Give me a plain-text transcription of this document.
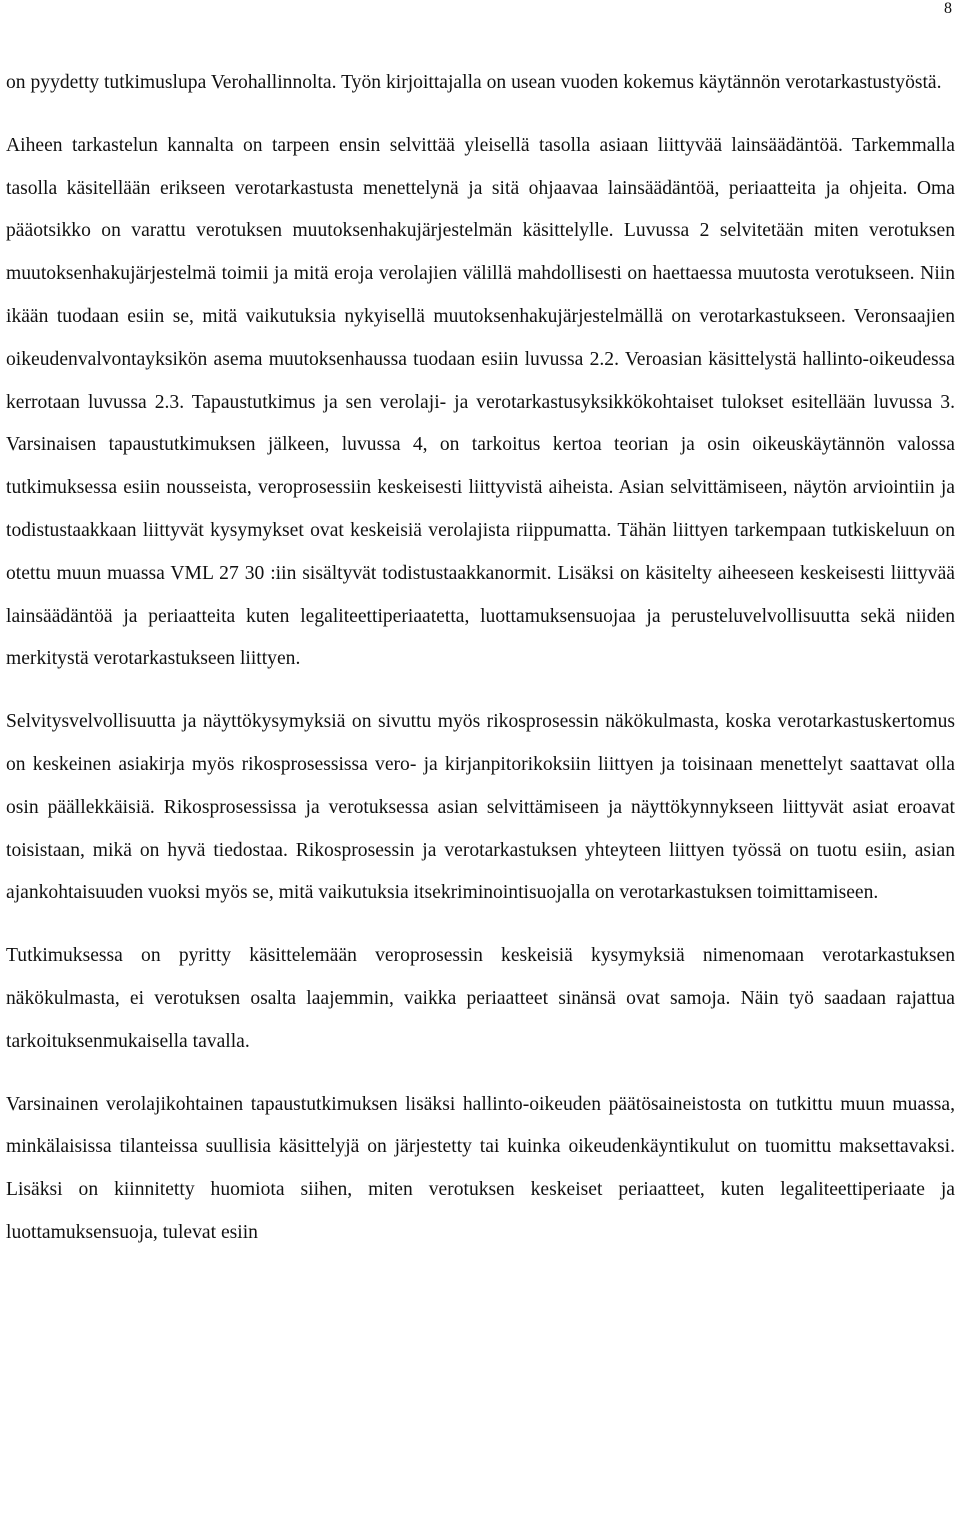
8

on pyydetty tutkimuslupa Verohallinnolta. Työn kirjoittajalla on usean vuoden kokemus käytännön verotarkastustyöstä.

Aiheen tarkastelun kannalta on tarpeen ensin selvittää yleisellä tasolla asiaan liittyvää lainsäädäntöä. Tarkemmalla tasolla käsitellään erikseen verotarkastusta menettelynä ja sitä ohjaavaa lainsäädäntöä, periaatteita ja ohjeita. Oma pääotsikko on varattu verotuksen muutoksenhakujärjestelmän käsittelylle. Luvussa 2 selvitetään miten verotuksen muutoksenhakujärjestelmä toimii ja mitä eroja verolajien välillä mahdollisesti on haettaessa muutosta verotukseen. Niin ikään tuodaan esiin se, mitä vaikutuksia nykyisellä muutoksenhakujärjestelmällä on verotarkastukseen. Veronsaajien oikeudenvalvontayksikön asema muutoksenhaussa tuodaan esiin luvussa 2.2. Veroasian käsittelystä hallinto-oikeudessa kerrotaan luvussa 2.3. Tapaustutkimus ja sen verolaji- ja verotarkastusyksikkökohtaiset tulokset esitellään luvussa 3. Varsinaisen tapaustutkimuksen jälkeen, luvussa 4, on tarkoitus kertoa teorian ja osin oikeuskäytännön valossa tutkimuksessa esiin nousseista, veroprosessiin keskeisesti liittyvistä aiheista. Asian selvittämiseen, näytön arviointiin ja todistustaakkaan liittyvät kysymykset ovat keskeisiä verolajista riippumatta. Tähän liittyen tarkempaan tutkiskeluun on otettu muun muassa VML 27 30 :iin sisältyvät todistustaakkanormit. Lisäksi on käsitelty aiheeseen keskeisesti liittyvää lainsäädäntöä ja periaatteita kuten legaliteettiperiaatetta, luottamuksensuojaa ja perusteluvelvollisuutta sekä niiden merkitystä verotarkastukseen liittyen.

Selvitysvelvollisuutta ja näyttökysymyksiä on sivuttu myös rikosprosessin näkökulmasta, koska verotarkastuskertomus on keskeinen asiakirja myös rikosprosessissa vero- ja kirjanpitorikoksiin liittyen ja toisinaan menettelyt saattavat olla osin päällekkäisiä. Rikosprosessissa ja verotuksessa asian selvittämiseen ja näyttökynnykseen liittyvät asiat eroavat toisistaan, mikä on hyvä tiedostaa. Rikosprosessin ja verotarkastuksen yhteyteen liittyen työssä on tuotu esiin, asian ajankohtaisuuden vuoksi myös se, mitä vaikutuksia itsekriminointisuojalla on verotarkastuksen toimittamiseen.

Tutkimuksessa on pyritty käsittelemään veroprosessin keskeisiä kysymyksiä nimenomaan verotarkastuksen näkökulmasta, ei verotuksen osalta laajemmin, vaikka periaatteet sinänsä ovat samoja. Näin työ saadaan rajattua tarkoituksenmukaisella tavalla.

Varsinainen verolajikohtainen tapaustutkimuksen lisäksi hallinto-oikeuden päätösaineistosta on tutkittu muun muassa, minkälaisissa tilanteissa suullisia käsittelyjä on järjestetty tai kuinka oikeudenkäyntikulut on tuomittu maksettavaksi. Lisäksi on kiinnitetty huomiota siihen, miten verotuksen keskeiset periaatteet, kuten legaliteettiperiaate ja luottamuksensuoja, tulevat esiin
